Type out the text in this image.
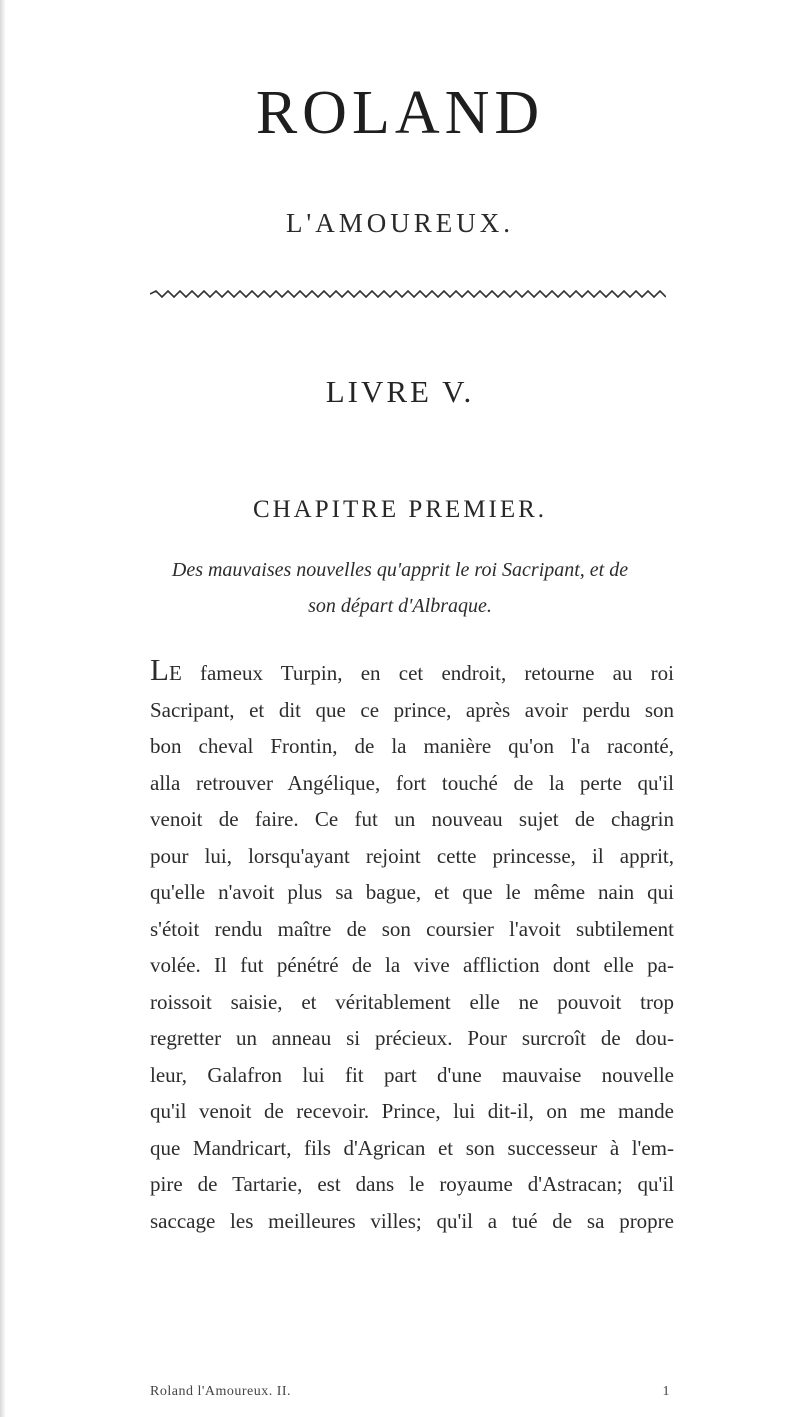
ROLAND
L'AMOUREUX.
LIVRE V.
CHAPITRE PREMIER.
Des mauvaises nouvelles qu'apprit le roi Sacripant, et de
son départ d'Albraque.
LE fameux Turpin, en cet endroit, retourne au roi
Sacripant, et dit que ce prince, après avoir perdu son
bon cheval Frontin, de la manière qu'on l'a raconté,
alla retrouver Angélique, fort touché de la perte qu'il
venoit de faire. Ce fut un nouveau sujet de chagrin
pour lui, lorsqu'ayant rejoint cette princesse, il apprit,
qu'elle n'avoit plus sa bague, et que le même nain qui
s'étoit rendu maître de son coursier l'avoit subtilement
volée. Il fut pénétré de la vive affliction dont elle pa-
roissoit saisie, et véritablement elle ne pouvoit trop
regretter un anneau si précieux. Pour surcroît de dou-
leur, Galafron lui fit part d'une mauvaise nouvelle
qu'il venoit de recevoir. Prince, lui dit-il, on me mande
que Mandricart, fils d'Agrican et son successeur à l'em-
pire de Tartarie, est dans le royaume d'Astracan; qu'il
saccage les meilleures villes; qu'il a tué de sa propre
Roland l'Amoureux. II.	1
